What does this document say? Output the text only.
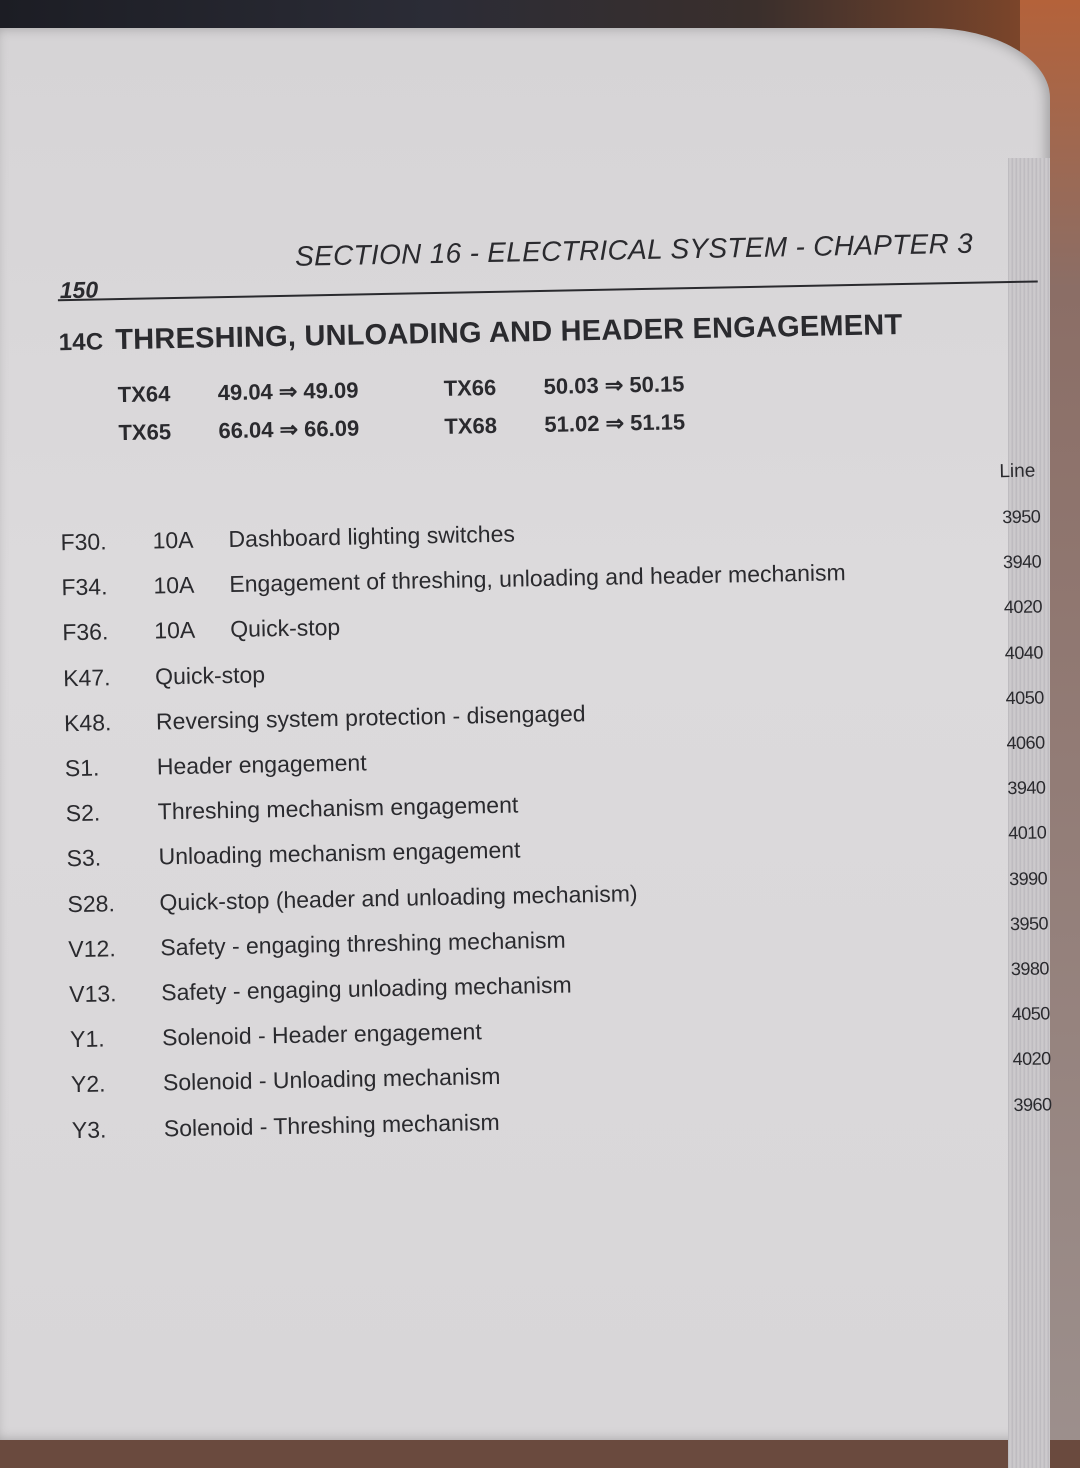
150
SECTION 16 - ELECTRICAL SYSTEM - CHAPTER 3
14C THRESHING, UNLOADING AND HEADER ENGAGEMENT
TX64 49.04 ⇒ 49.09
TX65 66.04 ⇒ 66.09
TX66 50.03 ⇒ 50.15
TX68 51.02 ⇒ 51.15
Line
F30. 10A Dashboard lighting switches
3950
F34. 10A Engagement of threshing, unloading and header mechanism	3940
F36. 10A Quick-stop
4020
K47. Quick-stop
4040
K48. Reversing system protection - disengaged
4050
S1. Header engagement
4060
S2. Threshing mechanism engagement
3940
S3. Unloading mechanism engagement
4010
S28. Quick-stop (header and unloading mechanism)
3990
V12. Safety - engaging threshing mechanism
3950
V13. Safety - engaging unloading mechanism
3980
Y1. Solenoid - Header engagement
4050
Y2. Solenoid - Unloading mechanism
4020
Y3. Solenoid - Threshing mechanism
3960
